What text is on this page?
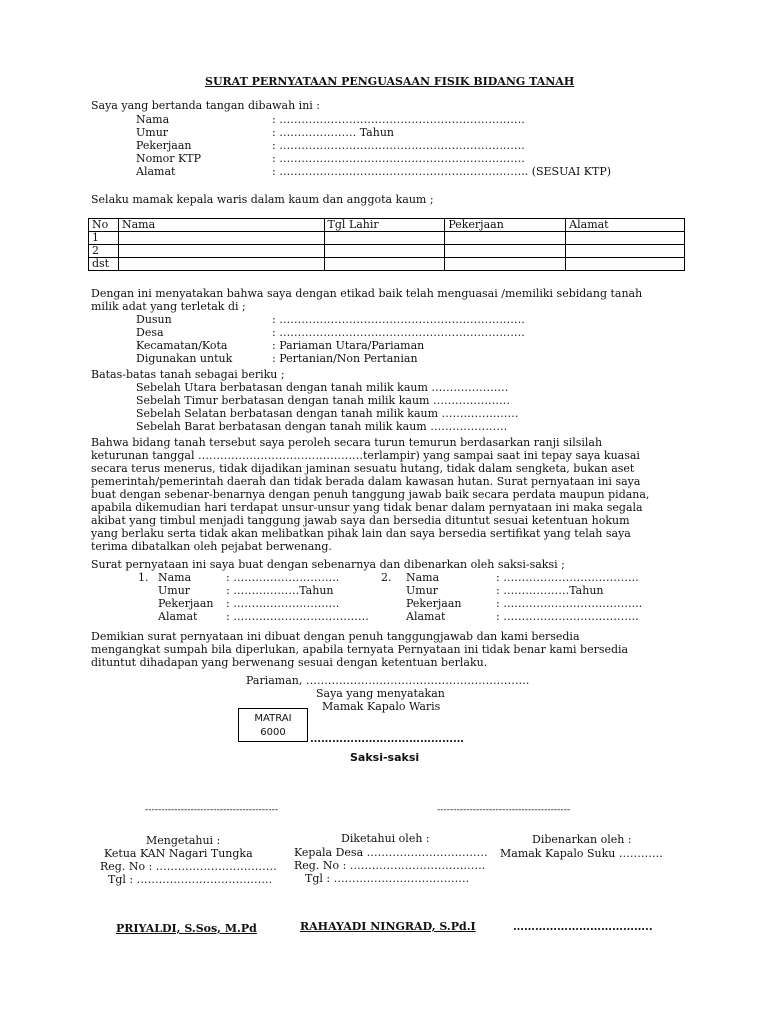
SURAT PERNYATAAN PENGUASAAN FISIK BIDANG TANAH
Saya yang bertanda tangan dibawah ini :
Nama	: ………………………………………………………….
Umur	: ………………… Tahun
Pekerjaan	: ………………………………………………………….
Nomor KTP	: ………………………………………………………….
Alamat	: ………………………………………………………….. (SESUAI KTP)
Selaku mamak kepala waris dalam kaum dan anggota kaum ;
No	Nama	Tgl Lahir	Pekerjaan	Alamat
1				
2				
dst				
Dengan ini menyatakan bahwa saya dengan etikad baik telah menguasai /memiliki sebidang tanah
milik adat yang terletak di ;
Dusun	: ………………………………………………………….
Desa	: ………………………………………………………….
Kecamatan/Kota	: Pariaman Utara/Pariaman
Digunakan untuk	: Pertanian/Non Pertanian
Batas-batas tanah sebagai beriku ;
Sebelah Utara berbatasan dengan tanah milik kaum …………………
Sebelah Timur berbatasan dengan tanah milik kaum …………………
Sebelah Selatan berbatasan dengan tanah milik kaum …………………
Sebelah Barat berbatasan dengan tanah milik kaum …………………
Bahwa bidang tanah tersebut saya peroleh secara turun temurun berdasarkan ranji silsilah
keturunan tanggal ………………………………………terlampir) yang sampai saat ini tepay saya kuasai
secara terus menerus, tidak dijadikan jaminan sesuatu hutang, tidak dalam sengketa, bukan aset
pemerintah/pemerintah daerah dan tidak berada dalam kawasan hutan. Surat pernyataan ini saya
buat dengan sebenar-benarnya dengan penuh tanggung jawab baik secara perdata maupun pidana,
apabila dikemudian hari terdapat unsur-unsur yang tidak benar dalam pernyataan ini maka segala
akibat yang timbul menjadi tanggung jawab saya dan bersedia dituntut sesuai ketentuan hokum
yang berlaku serta tidak akan melibatkan pihak lain dan saya bersedia sertifikat yang telah saya
terima dibatalkan oleh pejabat berwenang.
Surat pernyataan ini saya buat dengan sebenarnya dan dibenarkan oleh saksi-saksi ;
1. Nama	: ………………………..
Umur	: ………………Tahun
Pekerjaan : ………………………..
Alamat	: ……………………………….
2. Nama	: ……………………………….
Umur	: ………………Tahun
Pekerjaan	: ………………………………..
Alamat	: ……………………………….
Demikian surat pernyataan ini dibuat dengan penuh tanggungjawab dan kami bersedia
mengangkat sumpah bila diperlukan, apabila ternyata Pernyataan ini tidak benar kami bersedia
dituntut dihadapan yang berwenang sesuai dengan ketentuan berlaku.
Pariaman, …………………………………………………….
Saya yang menyatakan
Mamak Kapalo Waris
MATRAI
6000	……………………………………
Saksi-saksi
-----------------------------------------	-----------------------------------------
Mengetahui :
Ketua KAN Nagari Tungka
Reg. No : ……………………………
Tgl : ……………………………….
Diketahui oleh :
Kepala Desa ……………………………
Reg. No : ……………………………….
Tgl : ……………………………….
Dibenarkan oleh :
Mamak Kapalo Suku …………
PRIYALDI, S.Sos, M.Pd	RAHAYADI NINGRAD, S.Pd.I	………………………………..
